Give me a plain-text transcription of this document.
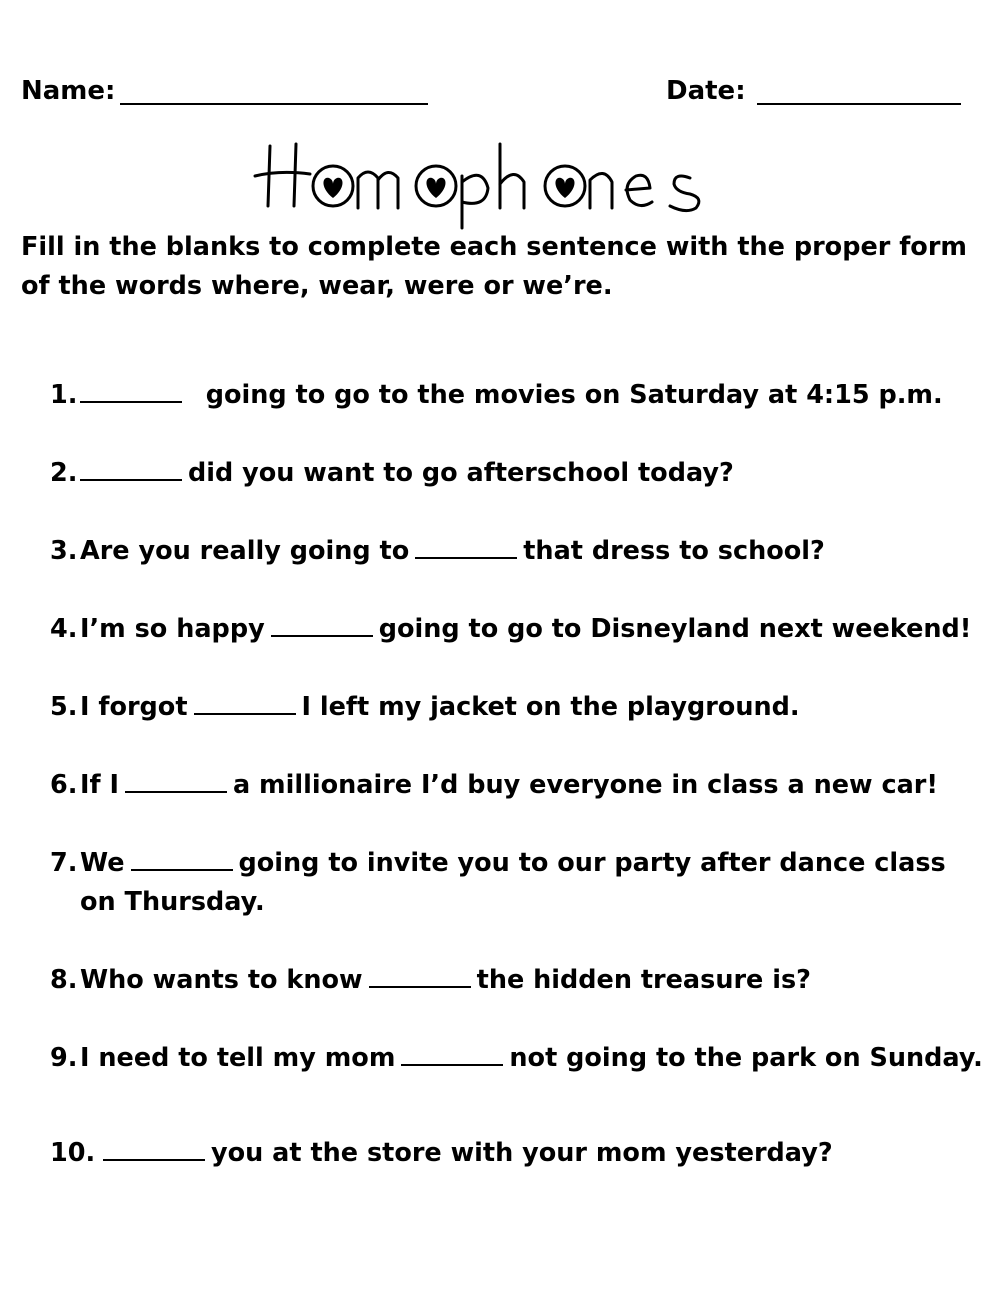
Name:	Date:

Fill in the blanks to complete each sentence with the proper form of the words where, wear, were or we’re.

1.	going to go to the movies on Saturday at 4:15 p.m.
2.	did you want to go afterschool today?
3. Are you really going to	that dress to school?
4. I’m so happy	going to go to Disneyland next weekend!
5. I forgot	I left my jacket on the playground.
6. If I	a millionaire I’d buy everyone in class a new car!
7. We	going to invite you to our party after dance class on Thursday.
8. Who wants to know	the hidden treasure is?
9. I need to tell my mom	not going to the park on Sunday.
10.	you at the store with your mom yesterday?
